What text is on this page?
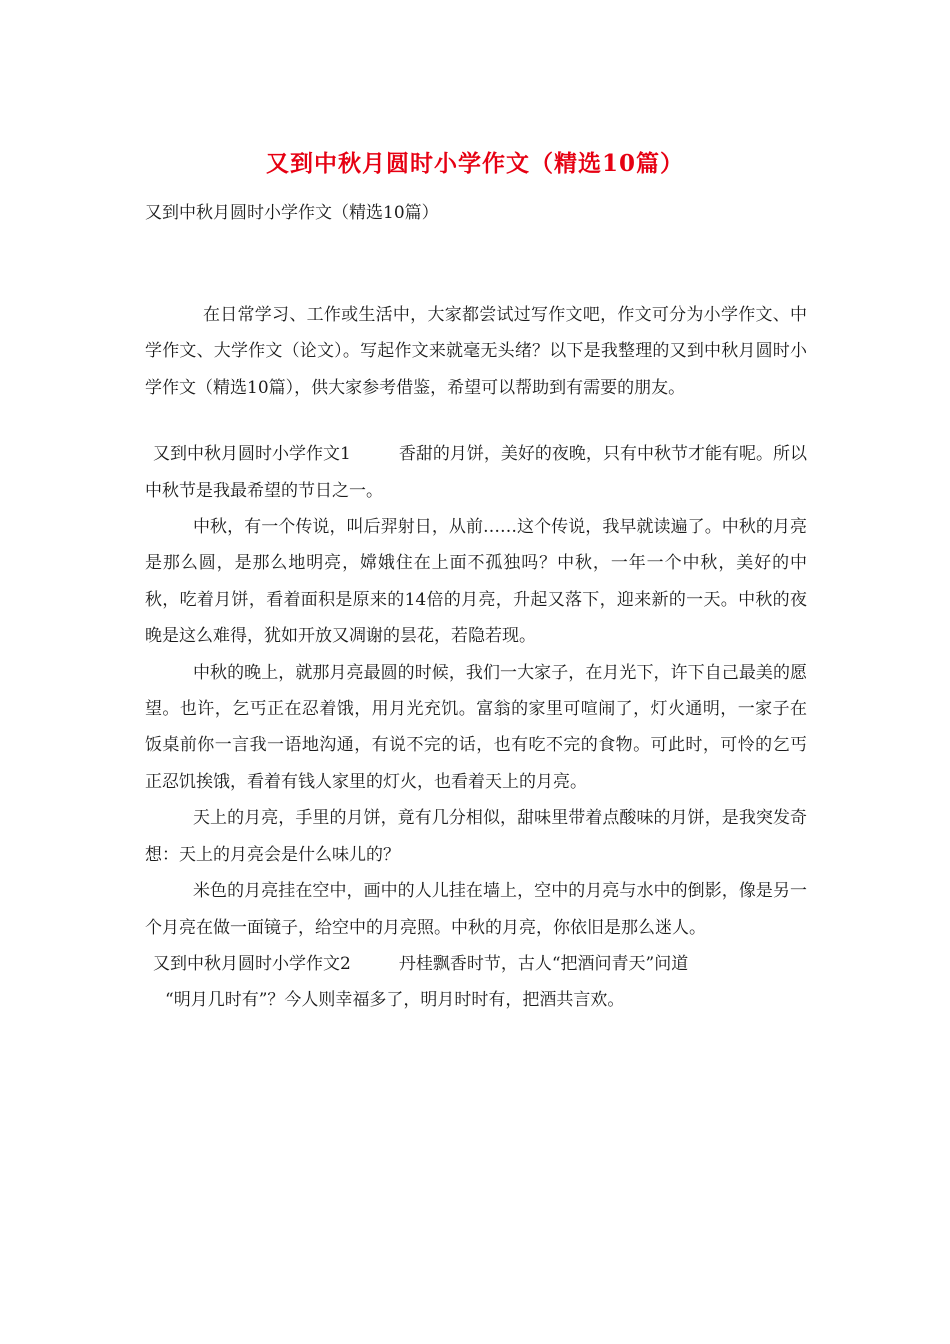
又到中秋月圆时小学作文（精选10篇）
又到中秋月圆时小学作文（精选10篇）

在日常学习、工作或生活中，大家都尝试过写作文吧，作文可分为小学作文、中学作文、大学作文（论文）。写起作文来就毫无头绪？以下是我整理的又到中秋月圆时小学作文（精选10篇），供大家参考借鉴，希望可以帮助到有需要的朋友。

又到中秋月圆时小学作文1	香甜的月饼，美好的夜晚，只有中秋节才能有呢。所以中秋节是我最希望的节日之一。

中秋，有一个传说，叫后羿射日，从前……这个传说，我早就读遍了。中秋的月亮是那么圆，是那么地明亮，嫦娥住在上面不孤独吗？中秋，一年一个中秋，美好的中秋，吃着月饼，看着面积是原来的14倍的月亮，升起又落下，迎来新的一天。中秋的夜晚是这么难得，犹如开放又凋谢的昙花，若隐若现。

中秋的晚上，就那月亮最圆的时候，我们一大家子，在月光下，许下自己最美的愿望。也许，乞丐正在忍着饿，用月光充饥。富翁的家里可喧闹了，灯火通明，一家子在饭桌前你一言我一语地沟通，有说不完的话，也有吃不完的食物。可此时，可怜的乞丐正忍饥挨饿，看着有钱人家里的灯火，也看着天上的月亮。

天上的月亮，手里的月饼，竟有几分相似，甜味里带着点酸味的月饼，是我突发奇想：天上的月亮会是什么味儿的？

米色的月亮挂在空中，画中的人儿挂在墙上，空中的月亮与水中的倒影，像是另一个月亮在做一面镜子，给空中的月亮照。中秋的月亮，你依旧是那么迷人。

又到中秋月圆时小学作文2	丹桂飘香时节，古人“把酒问青天”问道
“明月几时有”？今人则幸福多了，明月时时有，把酒共言欢。
